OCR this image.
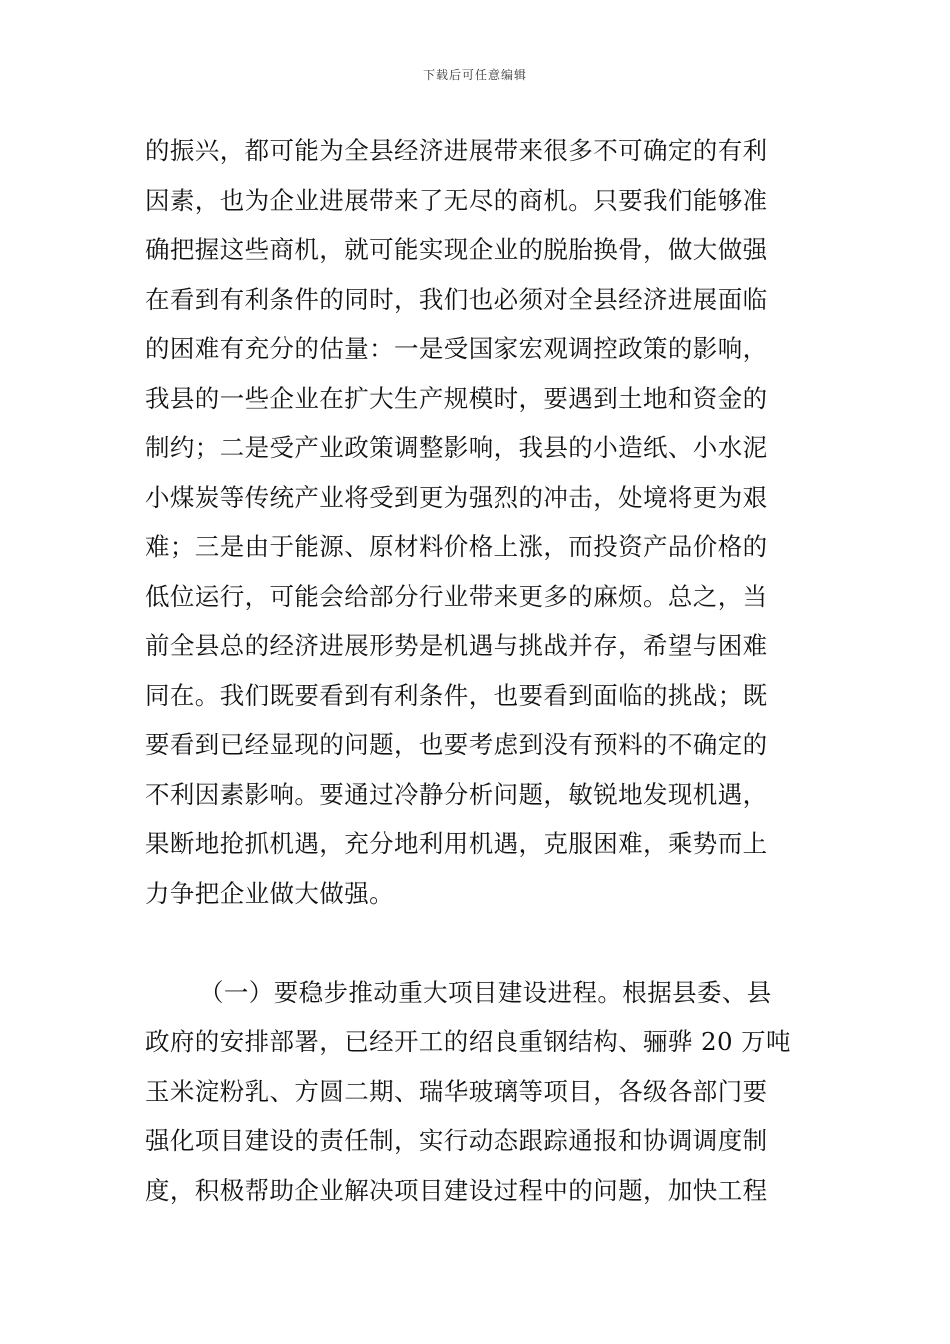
下载后可任意编辑
的振兴，都可能为全县经济进展带来很多不可确定的有利
因素，也为企业进展带来了无尽的商机。只要我们能够准
确把握这些商机，就可能实现企业的脱胎换骨，做大做强
在看到有利条件的同时，我们也必须对全县经济进展面临
的困难有充分的估量：一是受国家宏观调控政策的影响，
我县的一些企业在扩大生产规模时，要遇到土地和资金的
制约；二是受产业政策调整影响，我县的小造纸、小水泥
小煤炭等传统产业将受到更为强烈的冲击，处境将更为艰
难；三是由于能源、原材料价格上涨，而投资产品价格的
低位运行，可能会给部分行业带来更多的麻烦。总之，当
前全县总的经济进展形势是机遇与挑战并存，希望与困难
同在。我们既要看到有利条件，也要看到面临的挑战；既
要看到已经显现的问题，也要考虑到没有预料的不确定的
不利因素影响。要通过冷静分析问题，敏锐地发现机遇，
果断地抢抓机遇，充分地利用机遇，克服困难，乘势而上
力争把企业做大做强。
（一）要稳步推动重大项目建设进程。根据县委、县
政府的安排部署，已经开工的绍良重钢结构、骊骅 20 万吨
玉米淀粉乳、方圆二期、瑞华玻璃等项目，各级各部门要
强化项目建设的责任制，实行动态跟踪通报和协调调度制
度，积极帮助企业解决项目建设过程中的问题，加快工程
